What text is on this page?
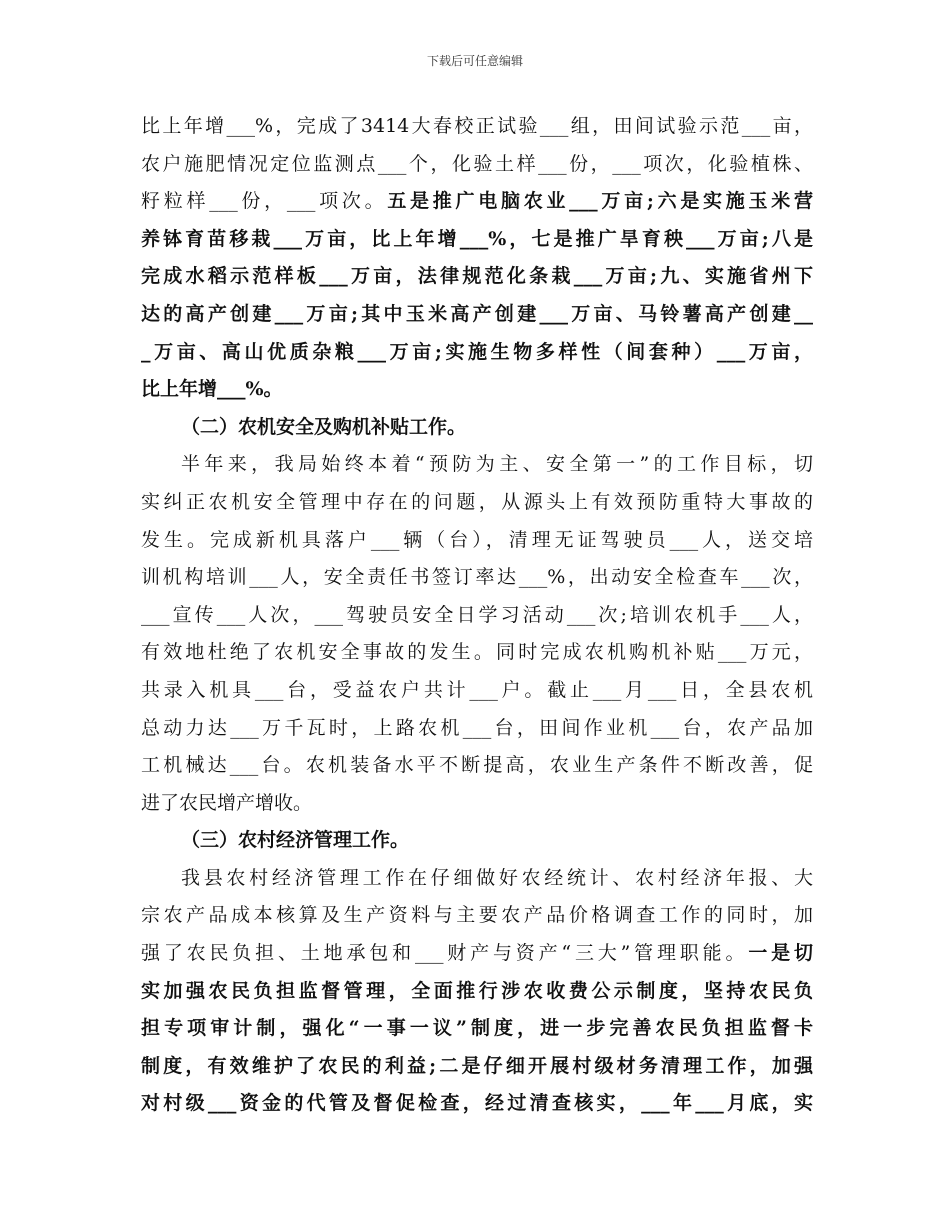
下载后可任意编辑
比上年增___%，完成了3414大春校正试验___组，田间试验示范___亩，
农户施肥情况定位监测点___个，化验土样___份，___项次，化验植株、
籽粒样___份，___项次。五是推广电脑农业___万亩;六是实施玉米营
养钵育苗移栽___万亩，比上年增___%，七是推广旱育秧___万亩;八是
完成水稻示范样板___万亩，法律规范化条栽___万亩;九、实施省州下
达的高产创建___万亩;其中玉米高产创建___万亩、马铃薯高产创建__
_万亩、高山优质杂粮___万亩;实施生物多样性（间套种）___万亩，
比上年增___%。
（二）农机安全及购机补贴工作。
半年来，我局始终本着“预防为主、安全第一”的工作目标，切
实纠正农机安全管理中存在的问题，从源头上有效预防重特大事故的
发生。完成新机具落户___辆（台），清理无证驾驶员___人，送交培
训机构培训___人，安全责任书签订率达___%，出动安全检查车___次，
___宣传___人次，___驾驶员安全日学习活动___次;培训农机手___人，
有效地杜绝了农机安全事故的发生。同时完成农机购机补贴___万元，
共录入机具___台，受益农户共计___户。截止___月___日，全县农机
总动力达___万千瓦时，上路农机___台，田间作业机___台，农产品加
工机械达___台。农机装备水平不断提高，农业生产条件不断改善，促
进了农民增产增收。
（三）农村经济管理工作。
我县农村经济管理工作在仔细做好农经统计、农村经济年报、大
宗农产品成本核算及生产资料与主要农产品价格调查工作的同时，加
强了农民负担、土地承包和___财产与资产“三大”管理职能。一是切
实加强农民负担监督管理，全面推行涉农收费公示制度，坚持农民负
担专项审计制，强化“一事一议”制度，进一步完善农民负担监督卡
制度，有效维护了农民的利益;二是仔细开展村级材务清理工作，加强
对村级___资金的代管及督促检查，经过清查核实，___年___月底，实
